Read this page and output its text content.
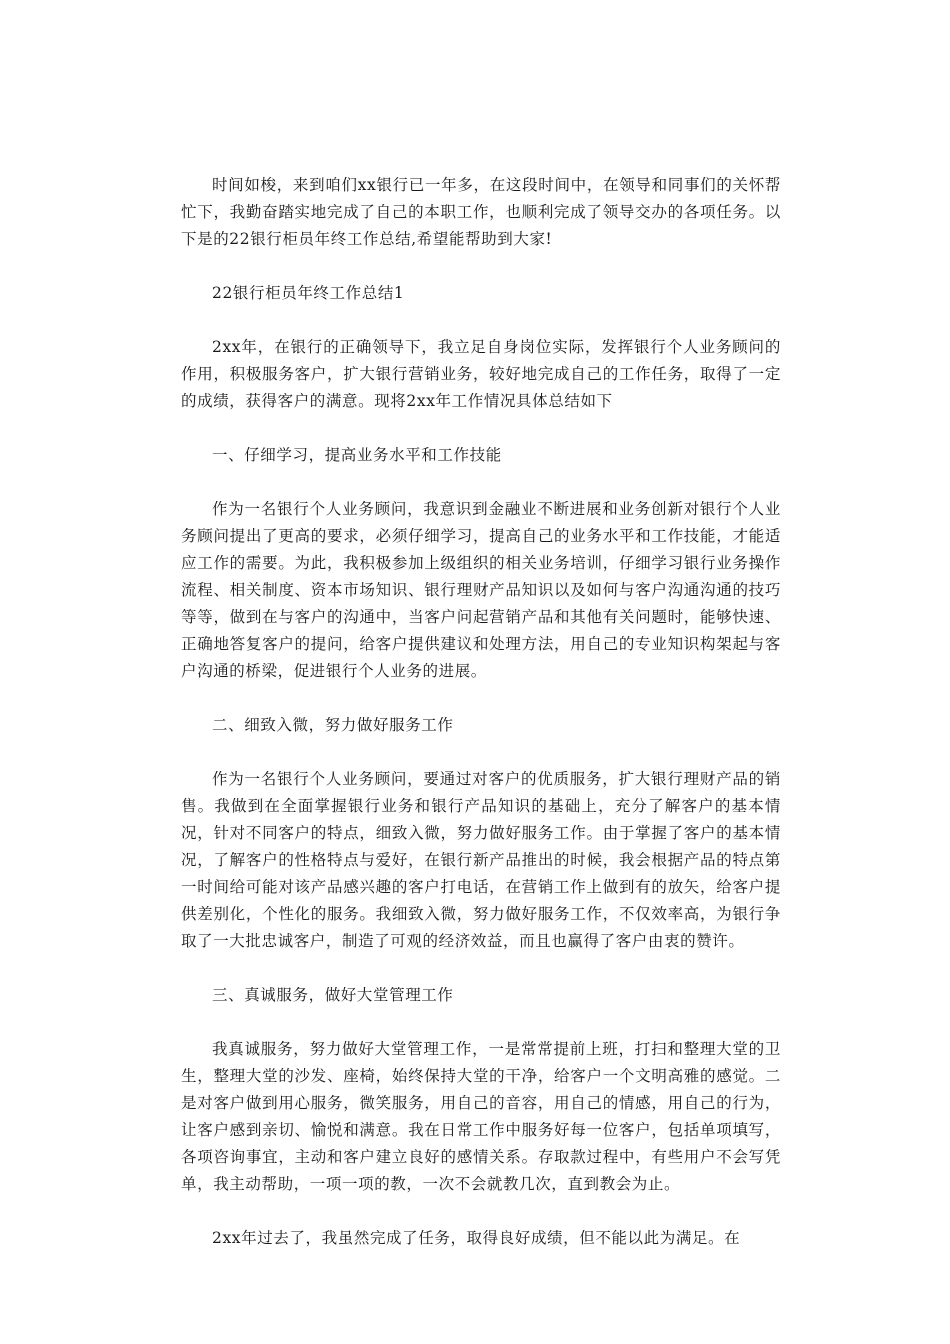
时间如梭，来到咱们xx银行已一年多，在这段时间中，在领导和同事们的关怀帮忙下，我勤奋踏实地完成了自己的本职工作，也顺利完成了领导交办的各项任务。以下是的22银行柜员年终工作总结,希望能帮助到大家!

22银行柜员年终工作总结1

2xx年，在银行的正确领导下，我立足自身岗位实际，发挥银行个人业务顾问的作用，积极服务客户，扩大银行营销业务，较好地完成自己的工作任务，取得了一定的成绩，获得客户的满意。现将2xx年工作情况具体总结如下

一、仔细学习，提高业务水平和工作技能

作为一名银行个人业务顾问，我意识到金融业不断进展和业务创新对银行个人业务顾问提出了更高的要求，必须仔细学习，提高自己的业务水平和工作技能，才能适应工作的需要。为此，我积极参加上级组织的相关业务培训，仔细学习银行业务操作流程、相关制度、资本市场知识、银行理财产品知识以及如何与客户沟通沟通的技巧等等，做到在与客户的沟通中，当客户问起营销产品和其他有关问题时，能够快速、正确地答复客户的提问，给客户提供建议和处理方法，用自己的专业知识构架起与客户沟通的桥梁，促进银行个人业务的进展。

二、细致入微，努力做好服务工作

作为一名银行个人业务顾问，要通过对客户的优质服务，扩大银行理财产品的销售。我做到在全面掌握银行业务和银行产品知识的基础上，充分了解客户的基本情况，针对不同客户的特点，细致入微，努力做好服务工作。由于掌握了客户的基本情况，了解客户的性格特点与爱好，在银行新产品推出的时候，我会根据产品的特点第一时间给可能对该产品感兴趣的客户打电话，在营销工作上做到有的放矢，给客户提供差别化，个性化的服务。我细致入微，努力做好服务工作，不仅效率高，为银行争取了一大批忠诚客户，制造了可观的经济效益，而且也赢得了客户由衷的赞许。

三、真诚服务，做好大堂管理工作

我真诚服务，努力做好大堂管理工作，一是常常提前上班，打扫和整理大堂的卫生，整理大堂的沙发、座椅，始终保持大堂的干净，给客户一个文明高雅的感觉。二是对客户做到用心服务，微笑服务，用自己的音容，用自己的情感，用自己的行为，让客户感到亲切、愉悦和满意。我在日常工作中服务好每一位客户，包括单项填写，各项咨询事宜，主动和客户建立良好的感情关系。存取款过程中，有些用户不会写凭单，我主动帮助，一项一项的教，一次不会就教几次，直到教会为止。

2xx年过去了，我虽然完成了任务，取得良好成绩，但不能以此为满足。在
